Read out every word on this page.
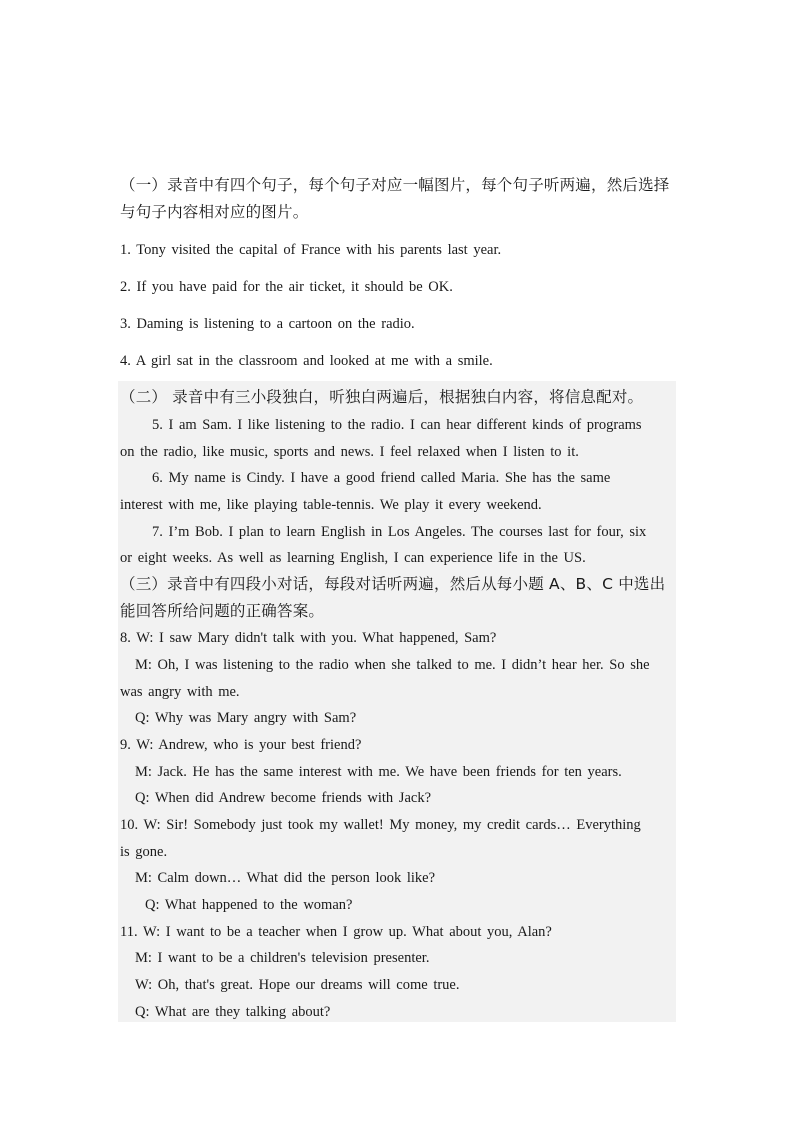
（一）录音中有四个句子，每个句子对应一幅图片，每个句子听两遍，然后选择
与句子内容相对应的图片。
1. Tony visited the capital of France with his parents last year.
2. If you have paid for the air ticket, it should be OK.
3. Daming is listening to a cartoon on the radio.
4. A girl sat in the classroom and looked at me with a smile.
（二） 录音中有三小段独白，听独白两遍后，根据独白内容，将信息配对。
5. I am Sam. I like listening to the radio. I can hear different kinds of programs
on the radio, like music, sports and news. I feel relaxed when I listen to it.
6. My name is Cindy. I have a good friend called Maria. She has the same
interest with me, like playing table-tennis. We play it every weekend.
7. I’m Bob. I plan to learn English in Los Angeles. The courses last for four, six
or eight weeks. As well as learning English, I can experience life in the US.
（三）录音中有四段小对话，每段对话听两遍，然后从每小题 A、B、C 中选出
能回答所给问题的正确答案。
8. W: I saw Mary didn't talk with you. What happened, Sam?
M: Oh, I was listening to the radio when she talked to me. I didn’t hear her. So she
was angry with me.
Q: Why was Mary angry with Sam?
9. W: Andrew, who is your best friend?
M: Jack. He has the same interest with me. We have been friends for ten years.
Q: When did Andrew become friends with Jack?
10. W: Sir! Somebody just took my wallet! My money, my credit cards… Everything
is gone.
M: Calm down… What did the person look like?
Q: What happened to the woman?
11. W: I want to be a teacher when I grow up. What about you, Alan?
M: I want to be a children's television presenter.
W: Oh, that's great. Hope our dreams will come true.
Q: What are they talking about?
